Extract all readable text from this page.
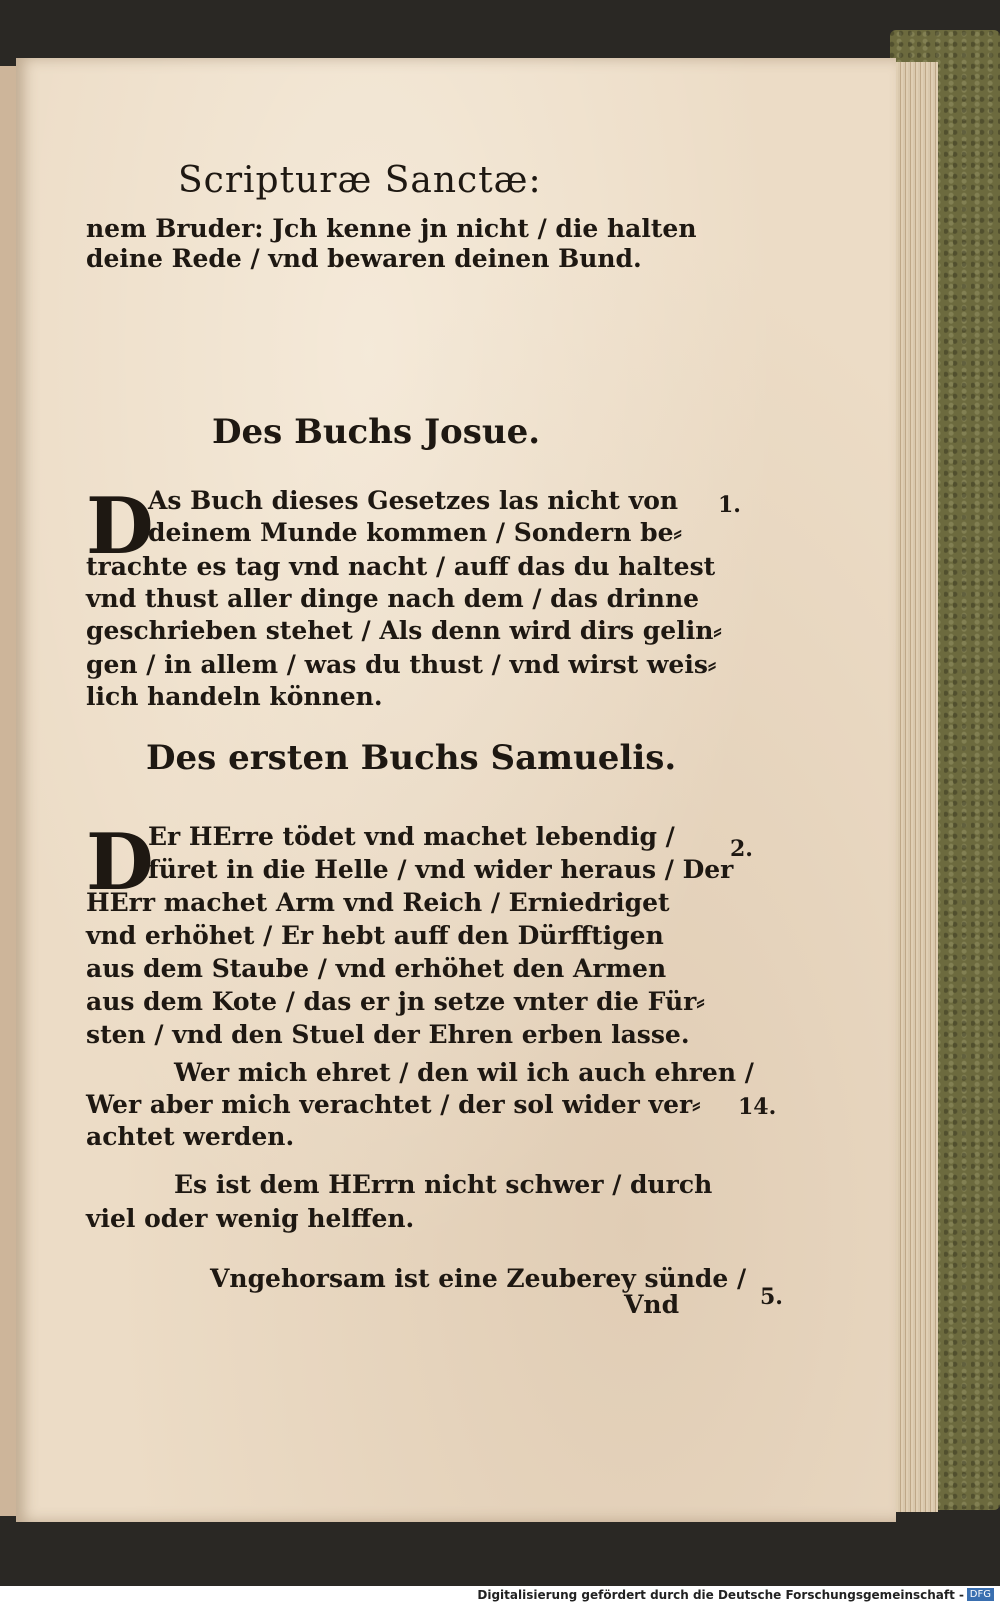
Scripturæ Sanctæ:
nem Bruder: Jch kenne jn nicht / die halten
deine Rede / vnd bewaren deinen Bund.
Des Buchs Josue.
D	1.
As Buch dieses Gesetzes las nicht von
deinem Munde kommen / Sondern be⸗
trachte es tag vnd nacht / auff das du haltest
vnd thust aller dinge nach dem / das drinne
geschrieben stehet / Als denn wird dirs gelin⸗
gen / in allem / was du thust / vnd wirst weis⸗
lich handeln können.
Des ersten Buchs Samuelis.
D	2.
Er HErre tödet vnd machet lebendig /
füret in die Helle / vnd wider heraus / Der
HErr machet Arm vnd Reich / Erniedriget
vnd erhöhet / Er hebt auff den Dürfftigen
aus dem Staube / vnd erhöhet den Armen
aus dem Kote / das er jn setze vnter die Für⸗
sten / vnd den Stuel der Ehren erben lasse.
Wer mich ehret / den wil ich auch ehren /
Wer aber mich verachtet / der sol wider ver⸗
achtet werden.
14.
Es ist dem HErrn nicht schwer / durch
viel oder wenig helffen.
Vngehorsam ist eine Zeuberey sünde /
5.
Vnd
Digitalisierung gefördert durch die Deutsche Forschungsgemeinschaft - DFG
